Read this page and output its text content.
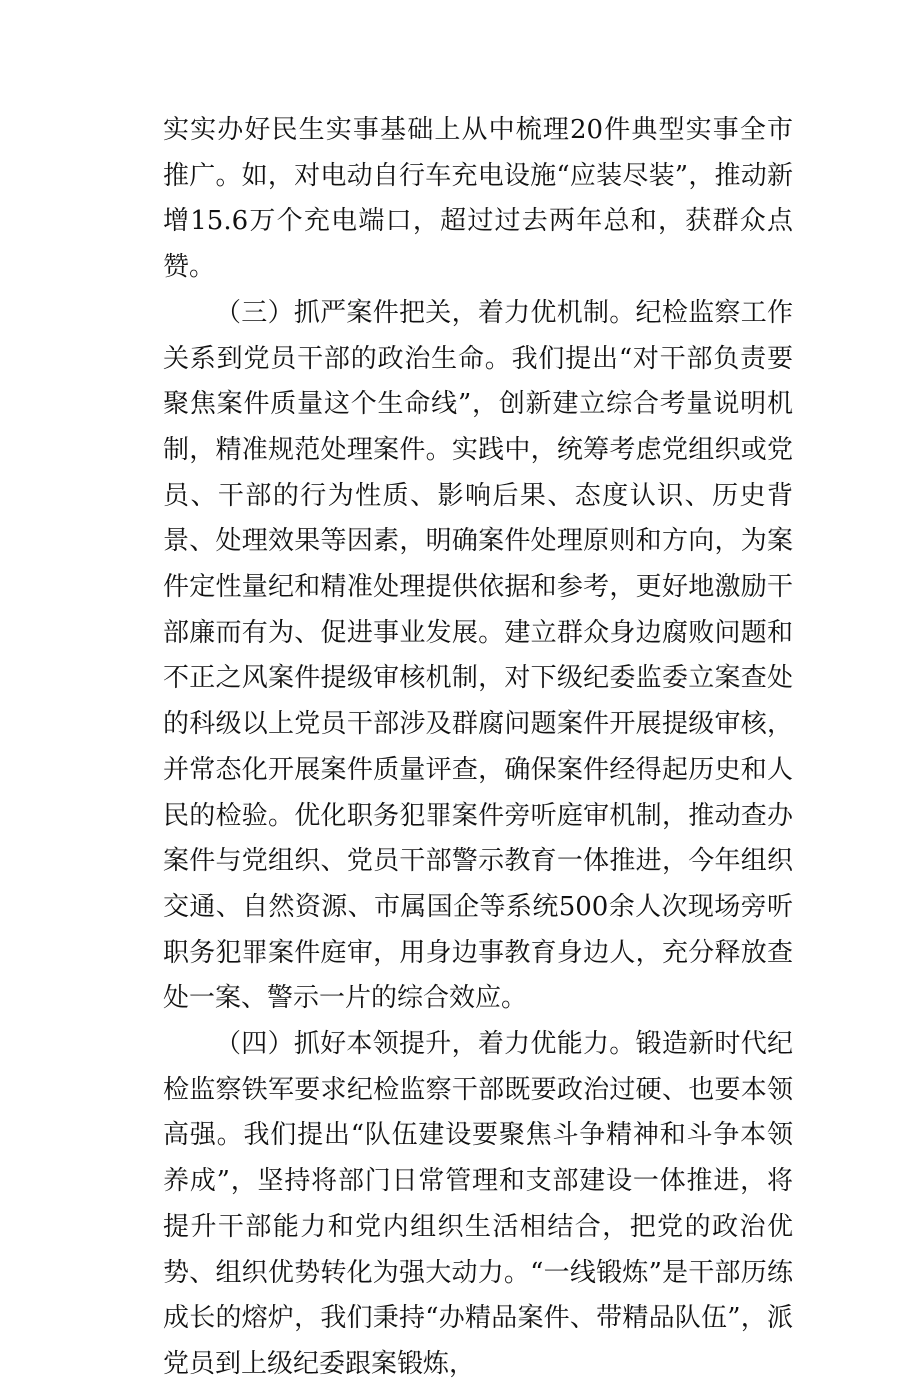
实实办好民生实事基础上从中梳理20件典型实事全市推广。如，对电动自行车充电设施“应装尽装”，推动新增15.6万个充电端口，超过过去两年总和，获群众点赞。

（三）抓严案件把关，着力优机制。纪检监察工作关系到党员干部的政治生命。我们提出“对干部负责要聚焦案件质量这个生命线”，创新建立综合考量说明机制，精准规范处理案件。实践中，统筹考虑党组织或党员、干部的行为性质、影响后果、态度认识、历史背景、处理效果等因素，明确案件处理原则和方向，为案件定性量纪和精准处理提供依据和参考，更好地激励干部廉而有为、促进事业发展。建立群众身边腐败问题和不正之风案件提级审核机制，对下级纪委监委立案查处的科级以上党员干部涉及群腐问题案件开展提级审核，并常态化开展案件质量评查，确保案件经得起历史和人民的检验。优化职务犯罪案件旁听庭审机制，推动查办案件与党组织、党员干部警示教育一体推进，今年组织交通、自然资源、市属国企等系统500余人次现场旁听职务犯罪案件庭审，用身边事教育身边人，充分释放查处一案、警示一片的综合效应。

（四）抓好本领提升，着力优能力。锻造新时代纪检监察铁军要求纪检监察干部既要政治过硬、也要本领高强。我们提出“队伍建设要聚焦斗争精神和斗争本领养成”，坚持将部门日常管理和支部建设一体推进，将提升干部能力和党内组织生活相结合，把党的政治优势、组织优势转化为强大动力。“一线锻炼”是干部历练成长的熔炉，我们秉持“办精品案件、带精品队伍”，派党员到上级纪委跟案锻炼，
